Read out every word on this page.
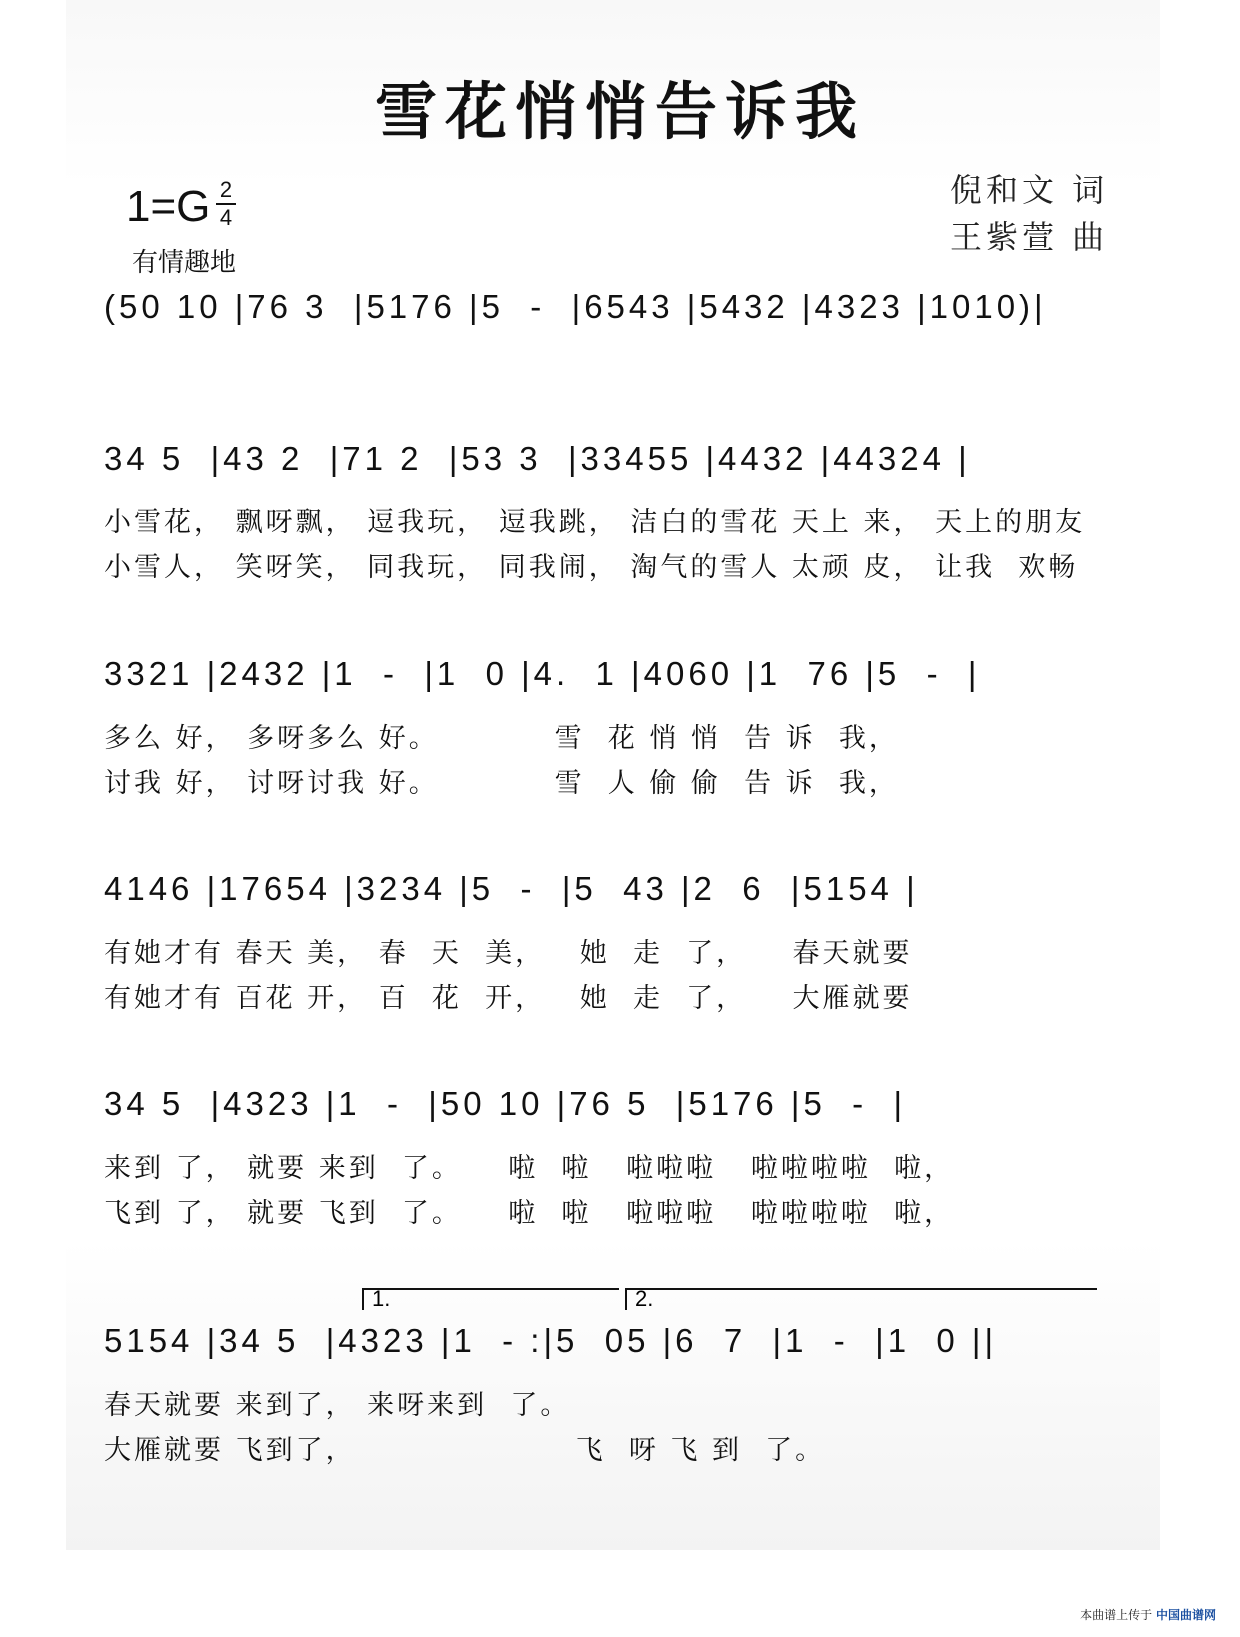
雪花悄悄告诉我
1=G 2
4
有情趣地
倪和文 词
王紫萱 曲
(50 10 |76 3  |5176 |5  -  |6543 |5432 |4323 |1010)|
34 5  |43 2  |71 2  |53 3  |33455 |4432 |44324 |
小雪花， 飘呀飘， 逗我玩， 逗我跳， 洁白的雪花 天上 来， 天上的朋友
小雪人， 笑呀笑， 同我玩， 同我闹， 淘气的雪人 太顽 皮， 让我  欢畅
3321 |2432 |1  -  |1  0 |4.  1 |4060 |1  76 |5  -  |
多么 好， 多呀多么 好。          雪  花 悄 悄  告 诉  我，
讨我 好， 讨呀讨我 好。          雪  人 偷 偷  告 诉  我，
4146 |17654 |3234 |5  -  |5  43 |2  6  |5154 |
有她才有 春天 美， 春  天  美，   她  走  了，    春天就要
有她才有 百花 开， 百  花  开，   她  走  了，    大雁就要
34 5  |4323 |1  -  |50 10 |76 5  |5176 |5  -  |
来到 了， 就要 来到  了。    啦  啦   啦啦啦   啦啦啦啦  啦，
飞到 了， 就要 飞到  了。    啦  啦   啦啦啦   啦啦啦啦  啦，
1.	2.
5154 |34 5  |4323 |1  - :|5  05 |6  7  |1  -  |1  0 ||
春天就要 来到了， 来呀来到  了。
大雁就要 飞到了，                   飞  呀 飞 到  了。
本曲谱上传于 中国曲谱网
